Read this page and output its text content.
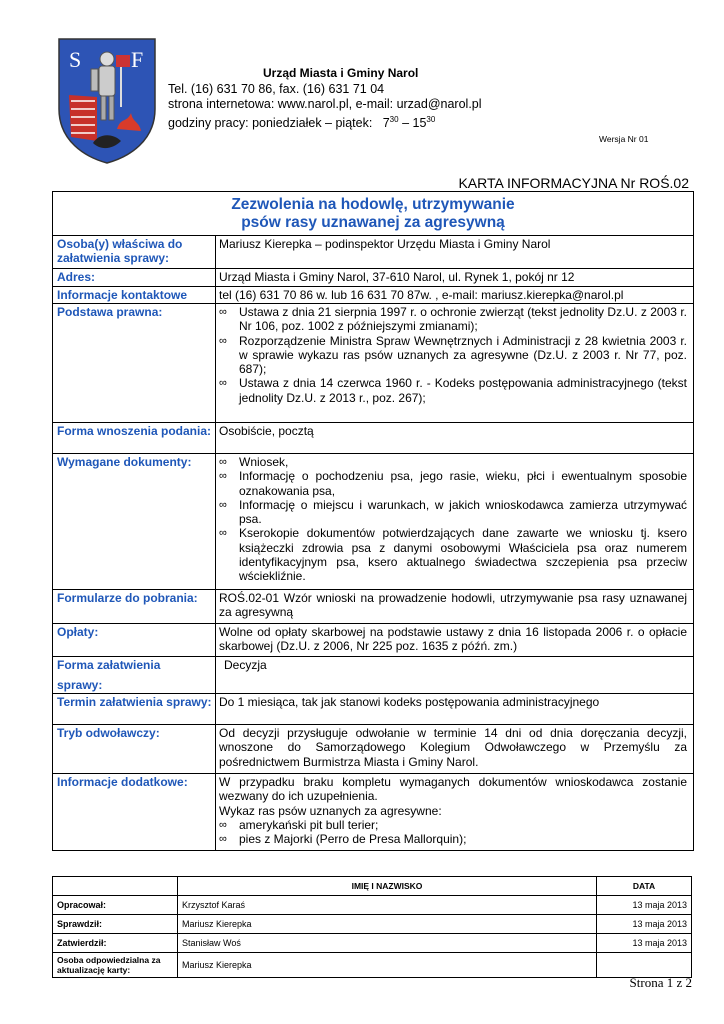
S F
Urząd Miasta i Gminy Narol
Tel. (16) 631 70 86, fax. (16) 631 71 04
strona internetowa: www.narol.pl, e-mail: urzad@narol.pl
godziny pracy: poniedziałek – piątek: $7^{30} - 15^{30}$
Wersja Nr 01
KARTA INFORMACYJNA Nr ROŚ.02
Zezwolenia na hodowlę, utrzymywanie
psów rasy uznawanej za agresywną
Osoba(y) właściwa do załatwienia sprawy:
Mariusz Kierepka – podinspektor Urzędu Miasta i Gminy Narol
Adres:	Urząd Miasta i Gminy Narol, 37-610 Narol, ul. Rynek 1, pokój nr 12
Informacje kontaktowe	tel (16) 631 70 86 w. lub 16 631 70 87w. , e-mail: mariusz.kierepka@narol.pl
Podstawa prawna:	∞ Ustawa z dnia 21 sierpnia 1997 r. o ochronie zwierząt (tekst jednolity Dz.U. z 2003 r. Nr 106, poz. 1002 z późniejszymi zmianami);
∞ Rozporządzenie Ministra Spraw Wewnętrznych i Administracji z 28 kwietnia 2003 r. w sprawie wykazu ras psów uznanych za agresywne (Dz.U. z 2003 r. Nr 77, poz. 687);
∞ Ustawa z dnia 14 czerwca 1960 r. - Kodeks postępowania administracyjnego (tekst jednolity Dz.U. z 2013 r., poz. 267);
Forma wnoszenia podania: Osobiście, pocztą
Wymagane dokumenty:	∞ Wniosek,
∞ Informację o pochodzeniu psa, jego rasie, wieku, płci i ewentualnym sposobie oznakowania psa,
∞ Informację o miejscu i warunkach, w jakich wnioskodawca zamierza utrzymywać psa.
∞ Kserokopie dokumentów potwierdzających dane zawarte we wniosku tj. ksero książeczki zdrowia psa z danymi osobowymi Właściciela psa oraz numerem identyfikacyjnym psa, ksero aktualnego świadectwa szczepienia psa przeciw wściekliźnie.
Formularze do pobrania:	ROŚ.02-01 Wzór wnioski na prowadzenie hodowli, utrzymywanie psa rasy uznawanej za agresywną
Opłaty:	Wolne od opłaty skarbowej na podstawie ustawy z dnia 16 listopada 2006 r. o opłacie skarbowej (Dz.U. z 2006, Nr 225 poz. 1635 z późń. zm.)
Forma załatwienia
sprawy:
Decyzja
Termin załatwienia sprawy: Do 1 miesiąca, tak jak stanowi kodeks postępowania administracyjnego
Tryb odwoławczy:	Od decyzji przysługuje odwołanie w terminie 14 dni od dnia doręczania decyzji, wnoszone do Samorządowego Kolegium Odwoławczego w Przemyślu za pośrednictwem Burmistrza Miasta i Gminy Narol.
Informacje dodatkowe:	W przypadku braku kompletu wymaganych dokumentów wnioskodawca zostanie wezwany do ich uzupełnienia.
Wykaz ras psów uznanych za agresywne:
∞ amerykański pit bull terier;
∞ pies z Majorki (Perro de Presa Mallorquin);
	IMIĘ I NAZWISKO	DATA
Opracował:	Krzysztof Karaś	13 maja 2013
Sprawdził:	Mariusz Kierepka	13 maja 2013
Zatwierdził:	Stanisław Woś	13 maja 2013
Osoba odpowiedzialna za aktualizację karty:	Mariusz Kierepka	
Strona 1 z 2
